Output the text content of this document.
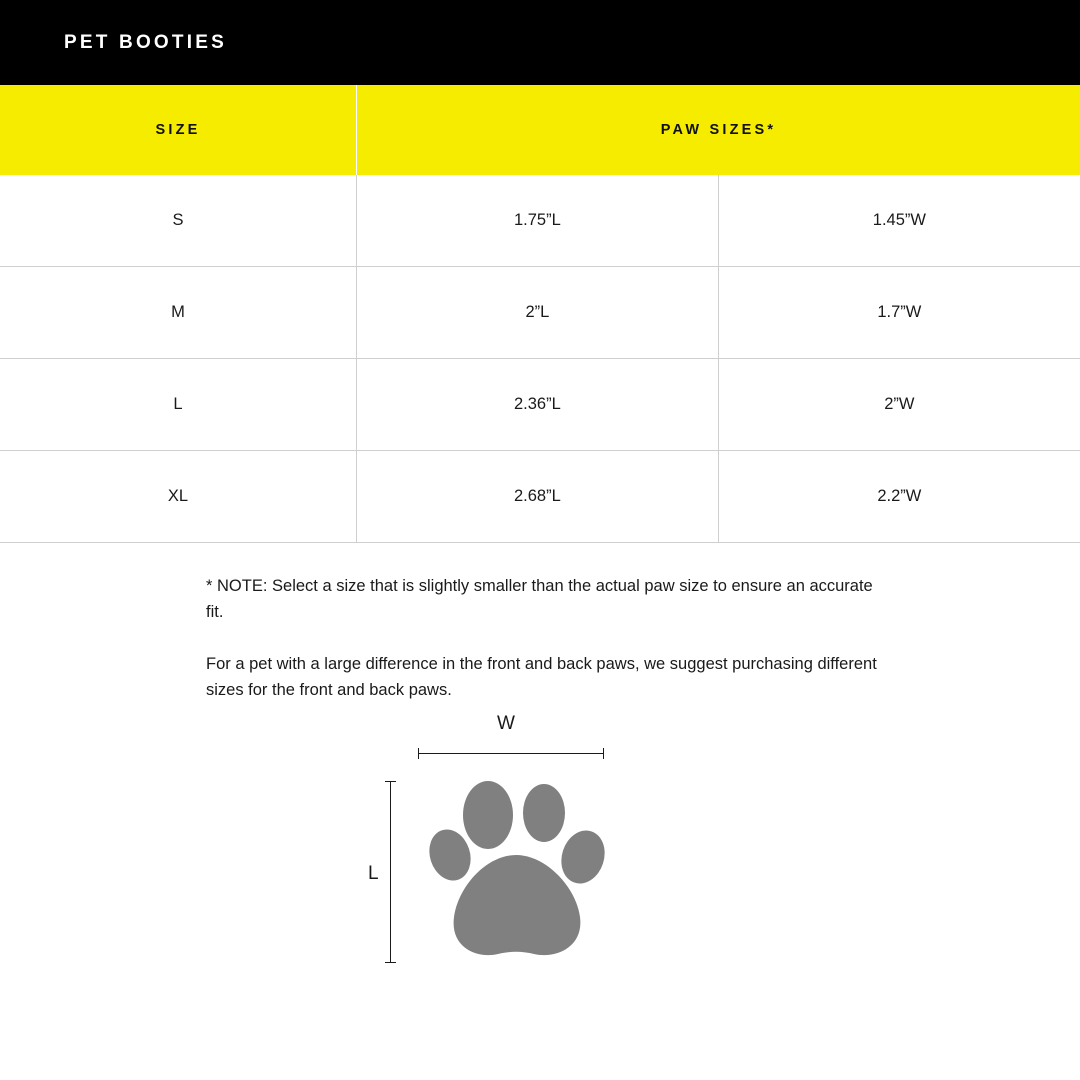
PET BOOTIES
SIZE	PAW SIZES*	
S	1.75”L	1.45”W
M	2”L	1.7”W
L	2.36”L	2”W
XL	2.68”L	2.2”W

* NOTE: Select a size that is slightly smaller than the actual paw size to ensure an accurate fit.

For a pet with a large difference in the front and back paws, we suggest purchasing different sizes for the front and back paws.

W
L
